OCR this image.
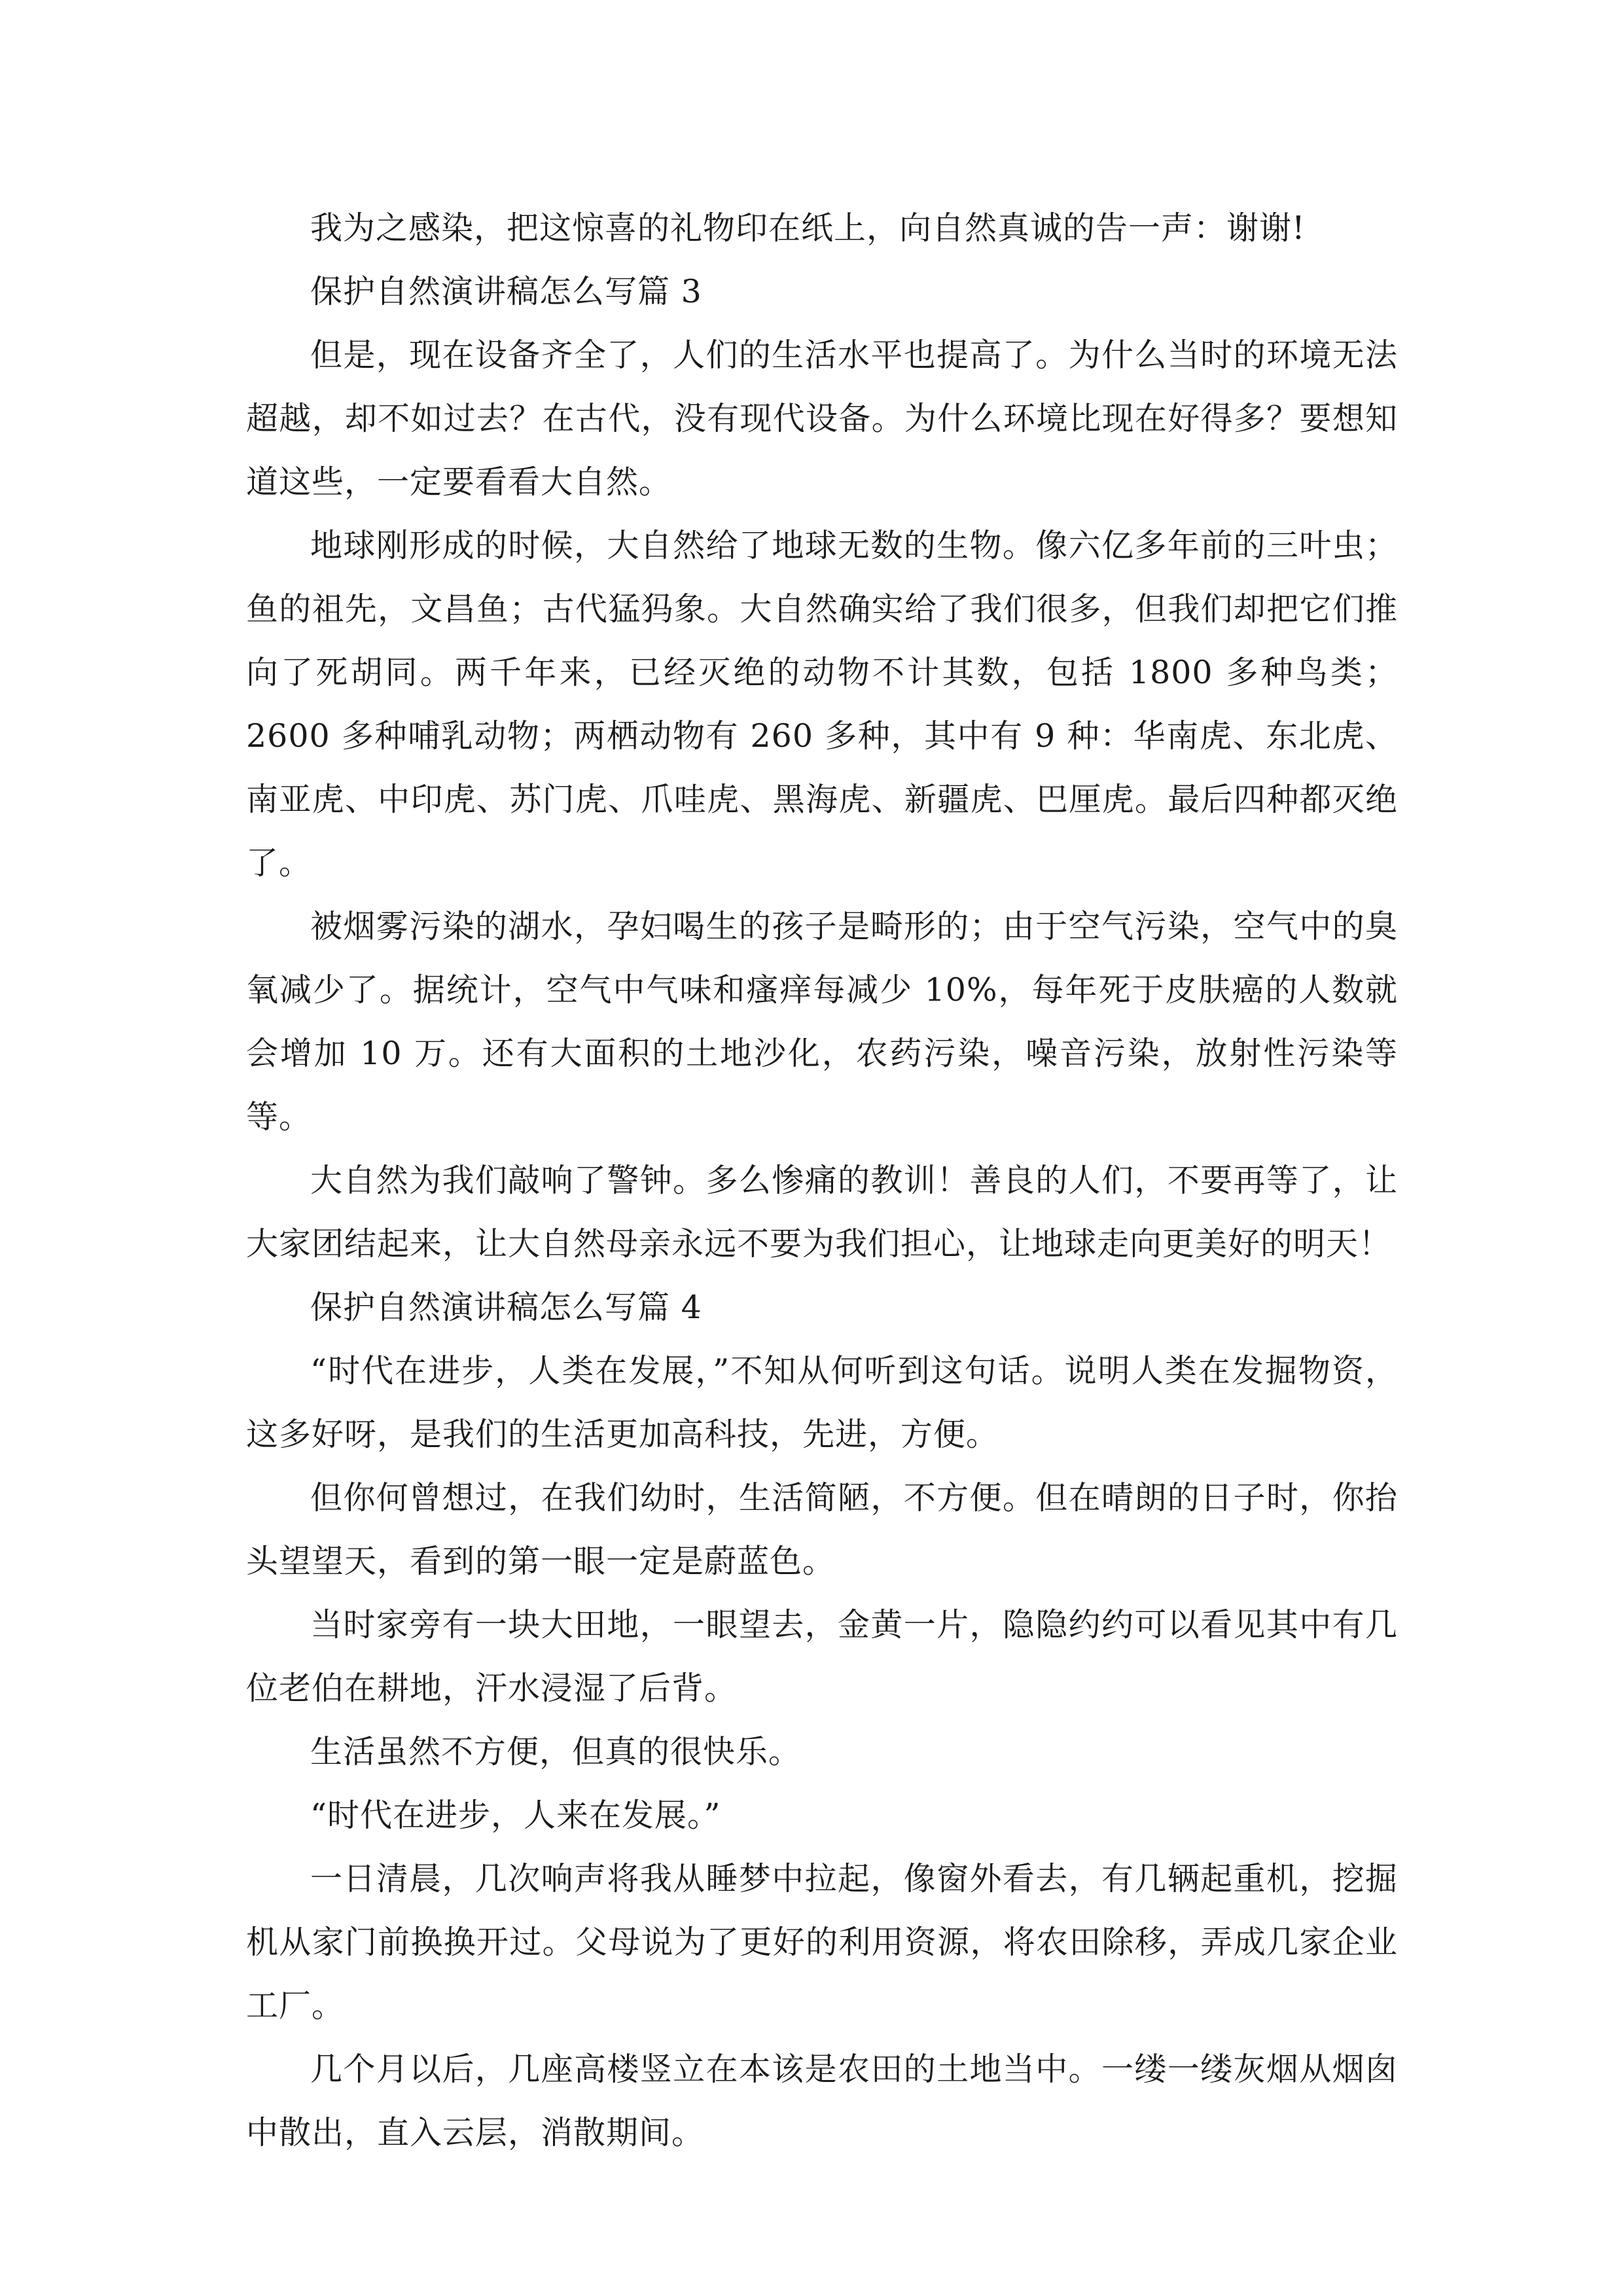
我为之感染，把这惊喜的礼物印在纸上，向自然真诚的告一声：谢谢!

保护自然演讲稿怎么写篇 3

但是，现在设备齐全了，人们的生活水平也提高了。为什么当时的环境无法超越，却不如过去？在古代，没有现代设备。为什么环境比现在好得多？要想知道这些，一定要看看大自然。

地球刚形成的时候，大自然给了地球无数的生物。像六亿多年前的三叶虫；鱼的祖先，文昌鱼；古代猛犸象。大自然确实给了我们很多，但我们却把它们推向了死胡同。两千年来，已经灭绝的动物不计其数，包括 1800 多种鸟类；2600 多种哺乳动物；两栖动物有 260 多种，其中有 9 种：华南虎、东北虎、南亚虎、中印虎、苏门虎、爪哇虎、黑海虎、新疆虎、巴厘虎。最后四种都灭绝了。

被烟雾污染的湖水，孕妇喝生的孩子是畸形的；由于空气污染，空气中的臭氧减少了。据统计，空气中气味和瘙痒每减少 10%，每年死于皮肤癌的人数就会增加 10 万。还有大面积的土地沙化，农药污染，噪音污染，放射性污染等等。

大自然为我们敲响了警钟。多么惨痛的教训！善良的人们，不要再等了，让大家团结起来，让大自然母亲永远不要为我们担心，让地球走向更美好的明天！

保护自然演讲稿怎么写篇 4

“时代在进步，人类在发展，”不知从何听到这句话。说明人类在发掘物资，这多好呀，是我们的生活更加高科技，先进，方便。

但你何曾想过，在我们幼时，生活简陋，不方便。但在晴朗的日子时，你抬头望望天，看到的第一眼一定是蔚蓝色。

当时家旁有一块大田地，一眼望去，金黄一片，隐隐约约可以看见其中有几位老伯在耕地，汗水浸湿了后背。

生活虽然不方便，但真的很快乐。

“时代在进步，人来在发展。”

一日清晨，几次响声将我从睡梦中拉起，像窗外看去，有几辆起重机，挖掘机从家门前换换开过。父母说为了更好的利用资源，将农田除移，弄成几家企业工厂。

几个月以后，几座高楼竖立在本该是农田的土地当中。一缕一缕灰烟从烟囱中散出，直入云层，消散期间。
